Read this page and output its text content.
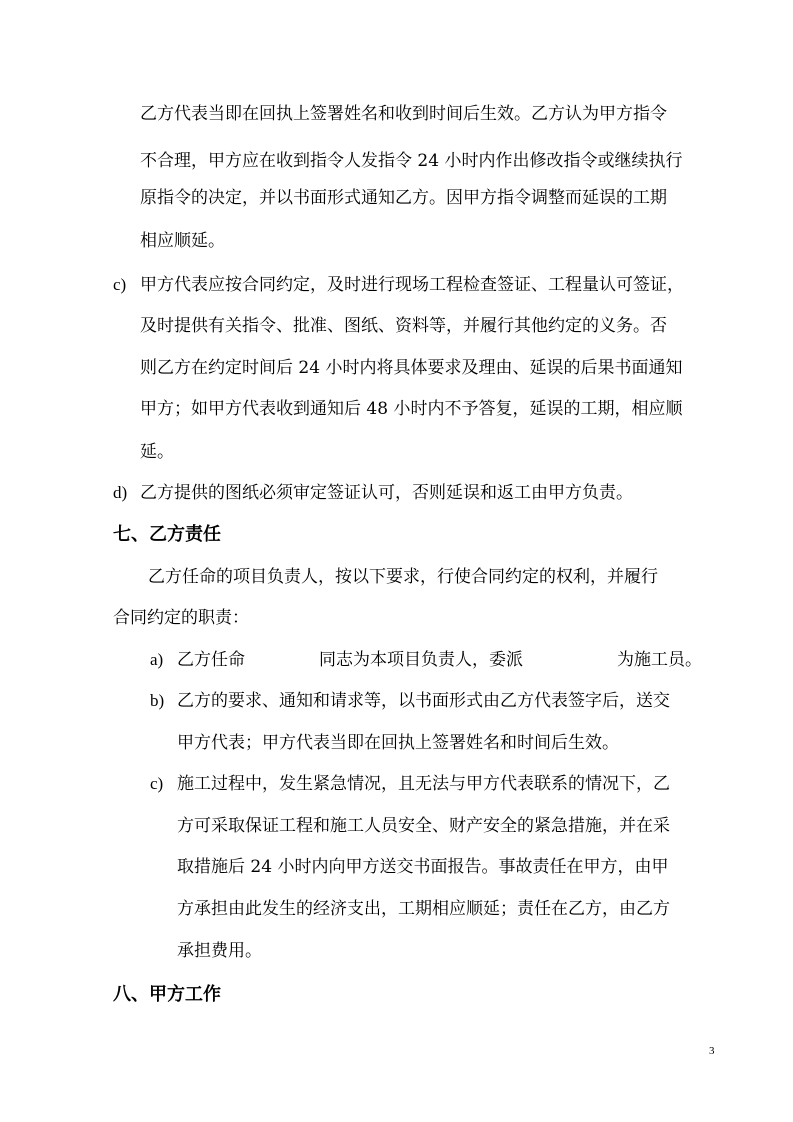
乙方代表当即在回执上签署姓名和收到时间后生效。乙方认为甲方指令
不合理，甲方应在收到指令人发指令 24 小时内作出修改指令或继续执行
原指令的决定，并以书面形式通知乙方。因甲方指令调整而延误的工期
相应顺延。
c) 甲方代表应按合同约定，及时进行现场工程检查签证、工程量认可签证，
及时提供有关指令、批准、图纸、资料等，并履行其他约定的义务。否
则乙方在约定时间后 24 小时内将具体要求及理由、延误的后果书面通知
甲方；如甲方代表收到通知后 48 小时内不予答复，延误的工期，相应顺
延。
d) 乙方提供的图纸必须审定签证认可，否则延误和返工由甲方负责。
七、乙方责任
乙方任命的项目负责人，按以下要求，行使合同约定的权利，并履行
合同约定的职责：
a) 乙方任命	同志为本项目负责人，委派	为施工员。
b) 乙方的要求、通知和请求等，以书面形式由乙方代表签字后，送交
甲方代表；甲方代表当即在回执上签署姓名和时间后生效。
c) 施工过程中，发生紧急情况，且无法与甲方代表联系的情况下，乙
方可采取保证工程和施工人员安全、财产安全的紧急措施，并在采
取措施后 24 小时内向甲方送交书面报告。事故责任在甲方，由甲
方承担由此发生的经济支出，工期相应顺延；责任在乙方，由乙方
承担费用。
八、甲方工作
3
